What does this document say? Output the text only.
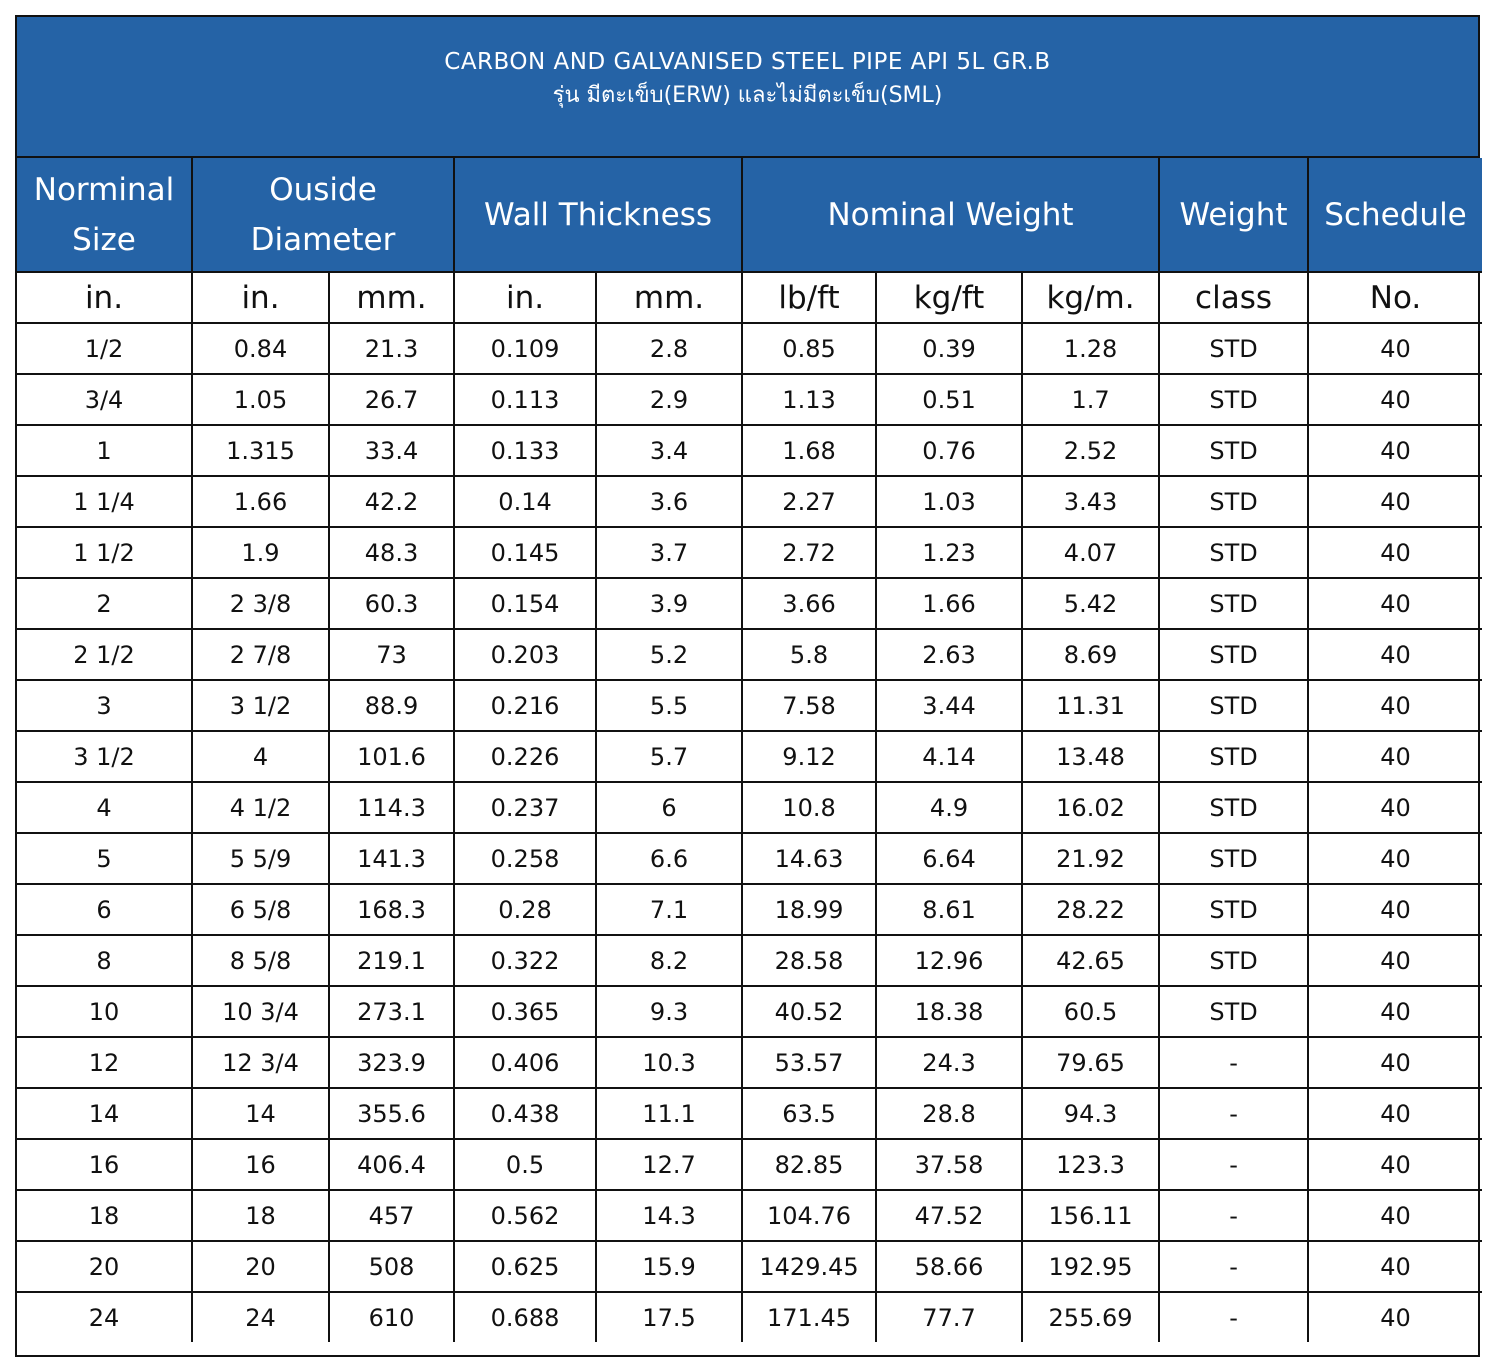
CARBON AND GALVANISED STEEL PIPE API 5L GR.B
รุ่น มีตะเข็บ(ERW) และไม่มีตะเข็บ(SML)
Norminal Size	Ouside Diameter		Wall Thickness		Nominal Weight			Weight	Schedule
in.	in.	mm.	in.	mm.	lb/ft	kg/ft	kg/m.	class	No.
1/2	0.84	21.3	0.109	2.8	0.85	0.39	1.28	STD	40
3/4	1.05	26.7	0.113	2.9	1.13	0.51	1.7	STD	40
1	1.315	33.4	0.133	3.4	1.68	0.76	2.52	STD	40
1 1/4	1.66	42.2	0.14	3.6	2.27	1.03	3.43	STD	40
1 1/2	1.9	48.3	0.145	3.7	2.72	1.23	4.07	STD	40
2	2 3/8	60.3	0.154	3.9	3.66	1.66	5.42	STD	40
2 1/2	2 7/8	73	0.203	5.2	5.8	2.63	8.69	STD	40
3	3 1/2	88.9	0.216	5.5	7.58	3.44	11.31	STD	40
3 1/2	4	101.6	0.226	5.7	9.12	4.14	13.48	STD	40
4	4 1/2	114.3	0.237	6	10.8	4.9	16.02	STD	40
5	5 5/9	141.3	0.258	6.6	14.63	6.64	21.92	STD	40
6	6 5/8	168.3	0.28	7.1	18.99	8.61	28.22	STD	40
8	8 5/8	219.1	0.322	8.2	28.58	12.96	42.65	STD	40
10	10 3/4	273.1	0.365	9.3	40.52	18.38	60.5	STD	40
12	12 3/4	323.9	0.406	10.3	53.57	24.3	79.65	-	40
14	14	355.6	0.438	11.1	63.5	28.8	94.3	-	40
16	16	406.4	0.5	12.7	82.85	37.58	123.3	-	40
18	18	457	0.562	14.3	104.76	47.52	156.11	-	40
20	20	508	0.625	15.9	1429.45	58.66	192.95	-	40
24	24	610	0.688	17.5	171.45	77.7	255.69	-	40
